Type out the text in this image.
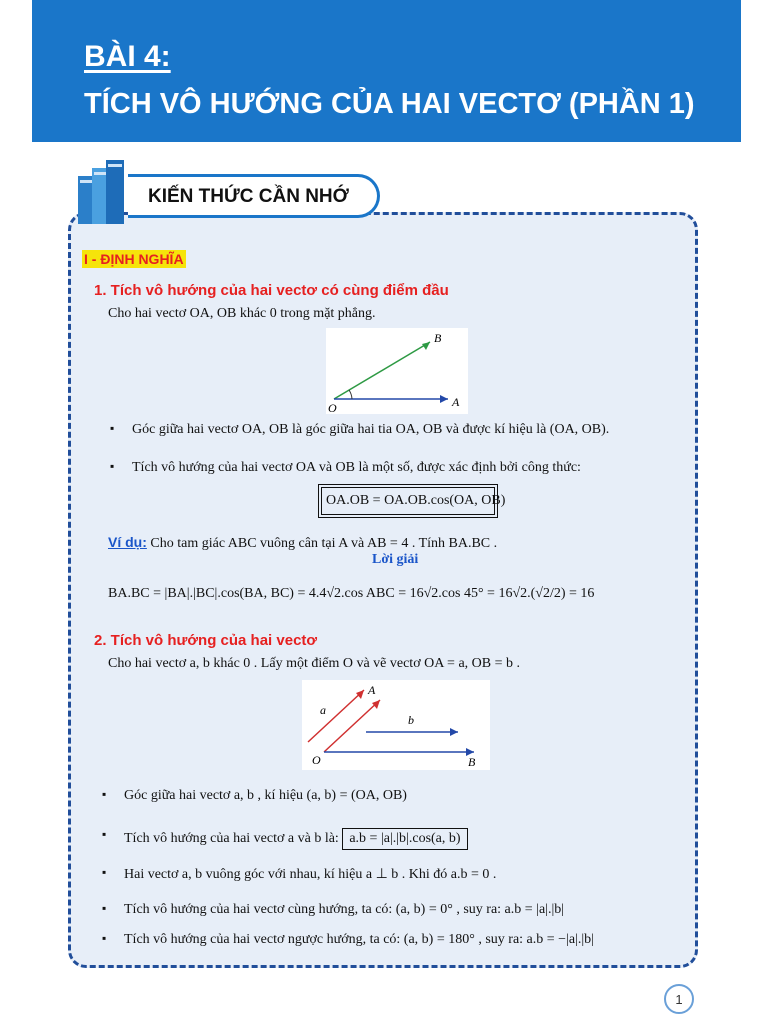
BÀI 4:
TÍCH VÔ HƯỚNG CỦA HAI VECTƠ (PHẦN 1)
KIẾN THỨC CẦN NHỚ
I - ĐỊNH NGHĨA
1. Tích vô hướng của hai vectơ có cùng điểm đầu
Cho hai vectơ OA, OB khác 0 trong mặt phẳng.
B
O	A
▪ Góc giữa hai vectơ OA, OB là góc giữa hai tia OA, OB và được kí hiệu là (OA, OB).
▪ Tích vô hướng của hai vectơ OA và OB là một số, được xác định bởi công thức:
OA.OB = OA.OB.cos(OA, OB)
Ví dụ: Cho tam giác ABC vuông cân tại A và AB = 4 . Tính BA.BC .
Lời giải
BA.BC = |BA|.|BC|.cos(BA, BC) = 4.4√2.cos ABC = 16√2.cos 45° = 16√2.(√2/2) = 16
2. Tích vô hướng của hai vectơ
Cho hai vectơ a, b khác 0 . Lấy một điểm O và vẽ vectơ OA = a, OB = b .
a
A
b
O	B
▪ Góc giữa hai vectơ a, b , kí hiệu (a, b) = (OA, OB)
▪ Tích vô hướng của hai vectơ a và b là: a.b = |a|.|b|.cos(a, b)
▪ Hai vectơ a, b vuông góc với nhau, kí hiệu a ⊥ b . Khi đó a.b = 0 .
▪ Tích vô hướng của hai vectơ cùng hướng, ta có: (a, b) = 0° , suy ra: a.b = |a|.|b|
▪ Tích vô hướng của hai vectơ ngược hướng, ta có: (a, b) = 180° , suy ra: a.b = −|a|.|b|
1
